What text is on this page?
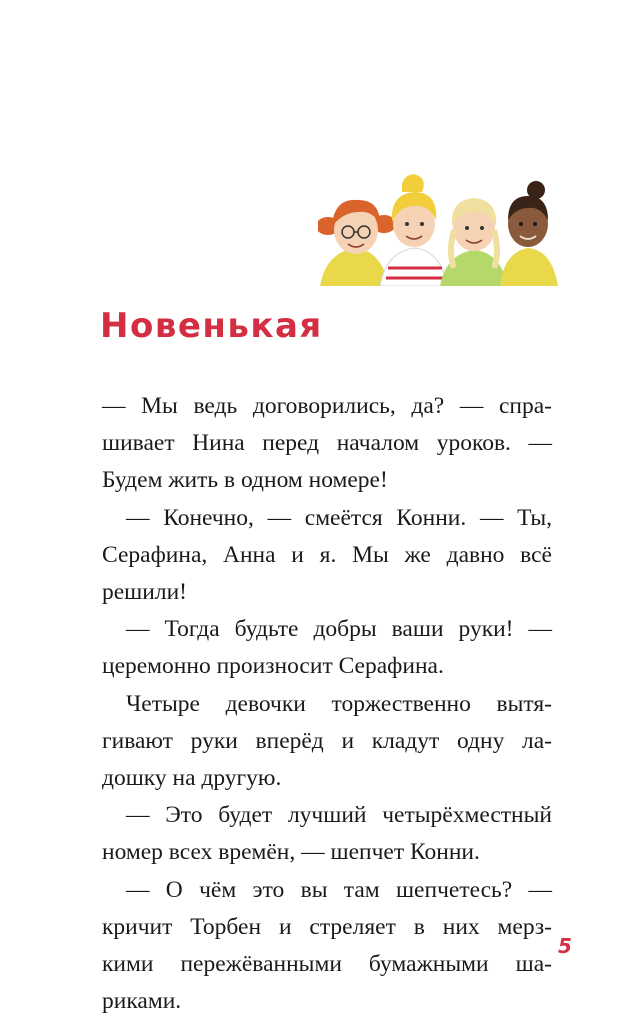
Новенькая
— Мы ведь договорились, да? — спра-
шивает Нина перед началом уроков. —
Будем жить в одном номере!
— Конечно, — смеётся Конни. — Ты,
Серафина, Анна и я. Мы же давно всё
решили!
— Тогда будьте добры ваши руки! —
церемонно произносит Серафина.
Четыре девочки торжественно вытя-
гивают руки вперёд и кладут одну ла-
дошку на другую.
— Это будет лучший четырёхместный
номер всех времён, — шепчет Конни.
— О чём это вы там шепчетесь? —
кричит Торбен и стреляет в них мерз-
кими пережёванными бумажными ша-
риками.
5
